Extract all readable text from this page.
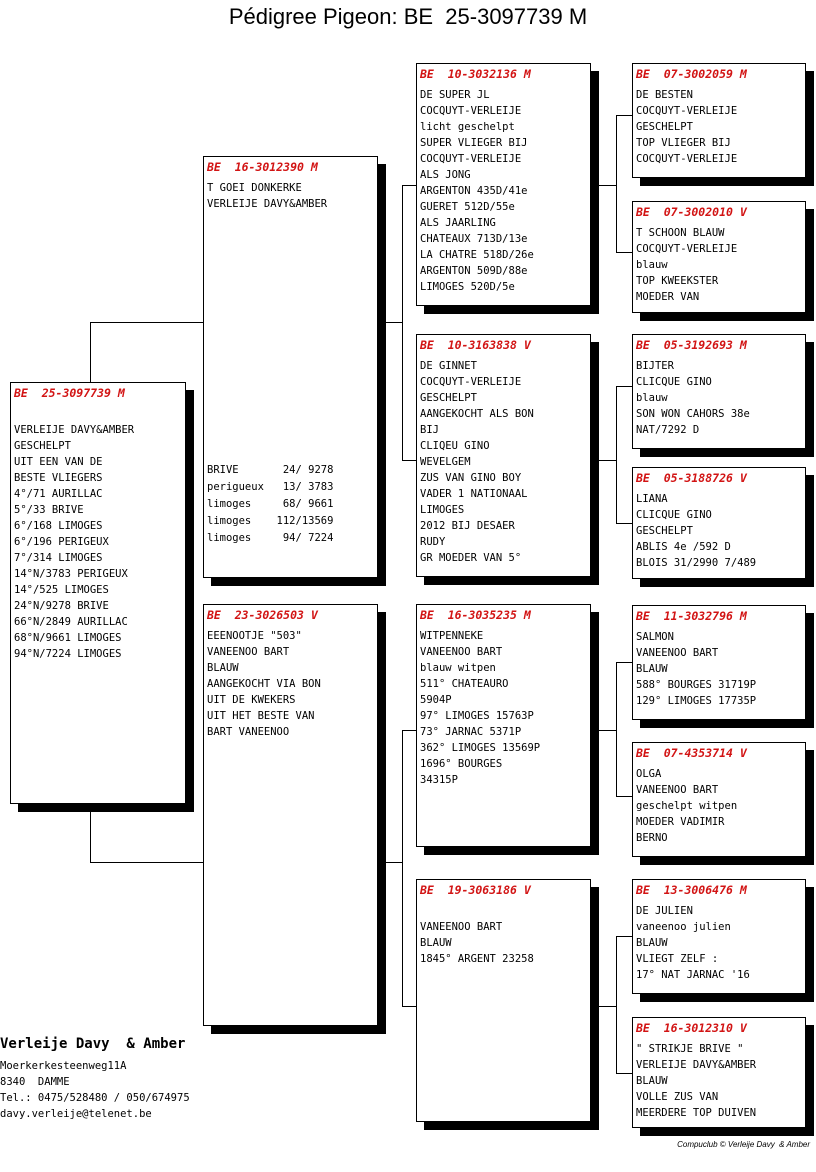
Pédigree Pigeon: BE  25-3097739 M
BE  25-3097739 M

VERLEIJE DAVY&AMBER
GESCHELPT
UIT EEN VAN DE
BESTE VLIEGERS
4°/71 AURILLAC
5°/33 BRIVE
6°/168 LIMOGES
6°/196 PERIGEUX
7°/314 LIMOGES
14°N/3783 PERIGEUX
14°/525 LIMOGES
24°N/9278 BRIVE
66°N/2849 AURILLAC
68°N/9661 LIMOGES
94°N/7224 LIMOGES
BE  16-3012390 M
T GOEI DONKERKE
VERLEIJE DAVY&AMBER
BRIVE       24/ 9278
perigueux   13/ 3783
limoges     68/ 9661
limoges    112/13569
limoges     94/ 7224
BE  23-3026503 V
EEENOOTJE "503"
VANEENOO BART
BLAUW
AANGEKOCHT VIA BON
UIT DE KWEKERS
UIT HET BESTE VAN
BART VANEENOO
BE  10-3032136 M
DE SUPER JL
COCQUYT-VERLEIJE
licht geschelpt
SUPER VLIEGER BIJ
COCQUYT-VERLEIJE
ALS JONG
ARGENTON 435D/41e
GUERET 512D/55e
ALS JAARLING
CHATEAUX 713D/13e
LA CHATRE 518D/26e
ARGENTON 509D/88e
LIMOGES 520D/5e
BE  10-3163838 V
DE GINNET
COCQUYT-VERLEIJE
GESCHELPT
AANGEKOCHT ALS BON
BIJ
CLIQEU GINO
WEVELGEM
ZUS VAN GINO BOY
VADER 1 NATIONAAL
LIMOGES
2012 BIJ DESAER
RUDY
GR MOEDER VAN 5°
BE  16-3035235 M
WITPENNEKE
VANEENOO BART
blauw witpen
511° CHATEAURO
5904P
97° LIMOGES 15763P
73° JARNAC 5371P
362° LIMOGES 13569P
1696° BOURGES
34315P
BE  19-3063186 V

VANEENOO BART
BLAUW
1845° ARGENT 23258
BE  07-3002059 M
DE BESTEN
COCQUYT-VERLEIJE
GESCHELPT
TOP VLIEGER BIJ
COCQUYT-VERLEIJE
BE  07-3002010 V
T SCHOON BLAUW
COCQUYT-VERLEIJE
blauw
TOP KWEEKSTER
MOEDER VAN
BE  05-3192693 M
BIJTER
CLICQUE GINO
blauw
SON WON CAHORS 38e
NAT/7292 D
BE  05-3188726 V
LIANA
CLICQUE GINO
GESCHELPT
ABLIS 4e /592 D
BLOIS 31/2990 7/489
BE  11-3032796 M
SALMON
VANEENOO BART
BLAUW
588° BOURGES 31719P
129° LIMOGES 17735P
BE  07-4353714 V
OLGA
VANEENOO BART
geschelpt witpen
MOEDER VADIMIR
BERNO
BE  13-3006476 M
DE JULIEN
vaneenoo julien
BLAUW
VLIEGT ZELF :
17° NAT JARNAC '16
BE  16-3012310 V
" STRIKJE BRIVE "
VERLEIJE DAVY&AMBER
BLAUW
VOLLE ZUS VAN
MEERDERE TOP DUIVEN
Verleije Davy  & Amber
Moerkerkesteenweg11A
8340  DAMME
Tel.: 0475/528480 / 050/674975
davy.verleije@telenet.be
Compuclub © Verleije Davy  & Amber
